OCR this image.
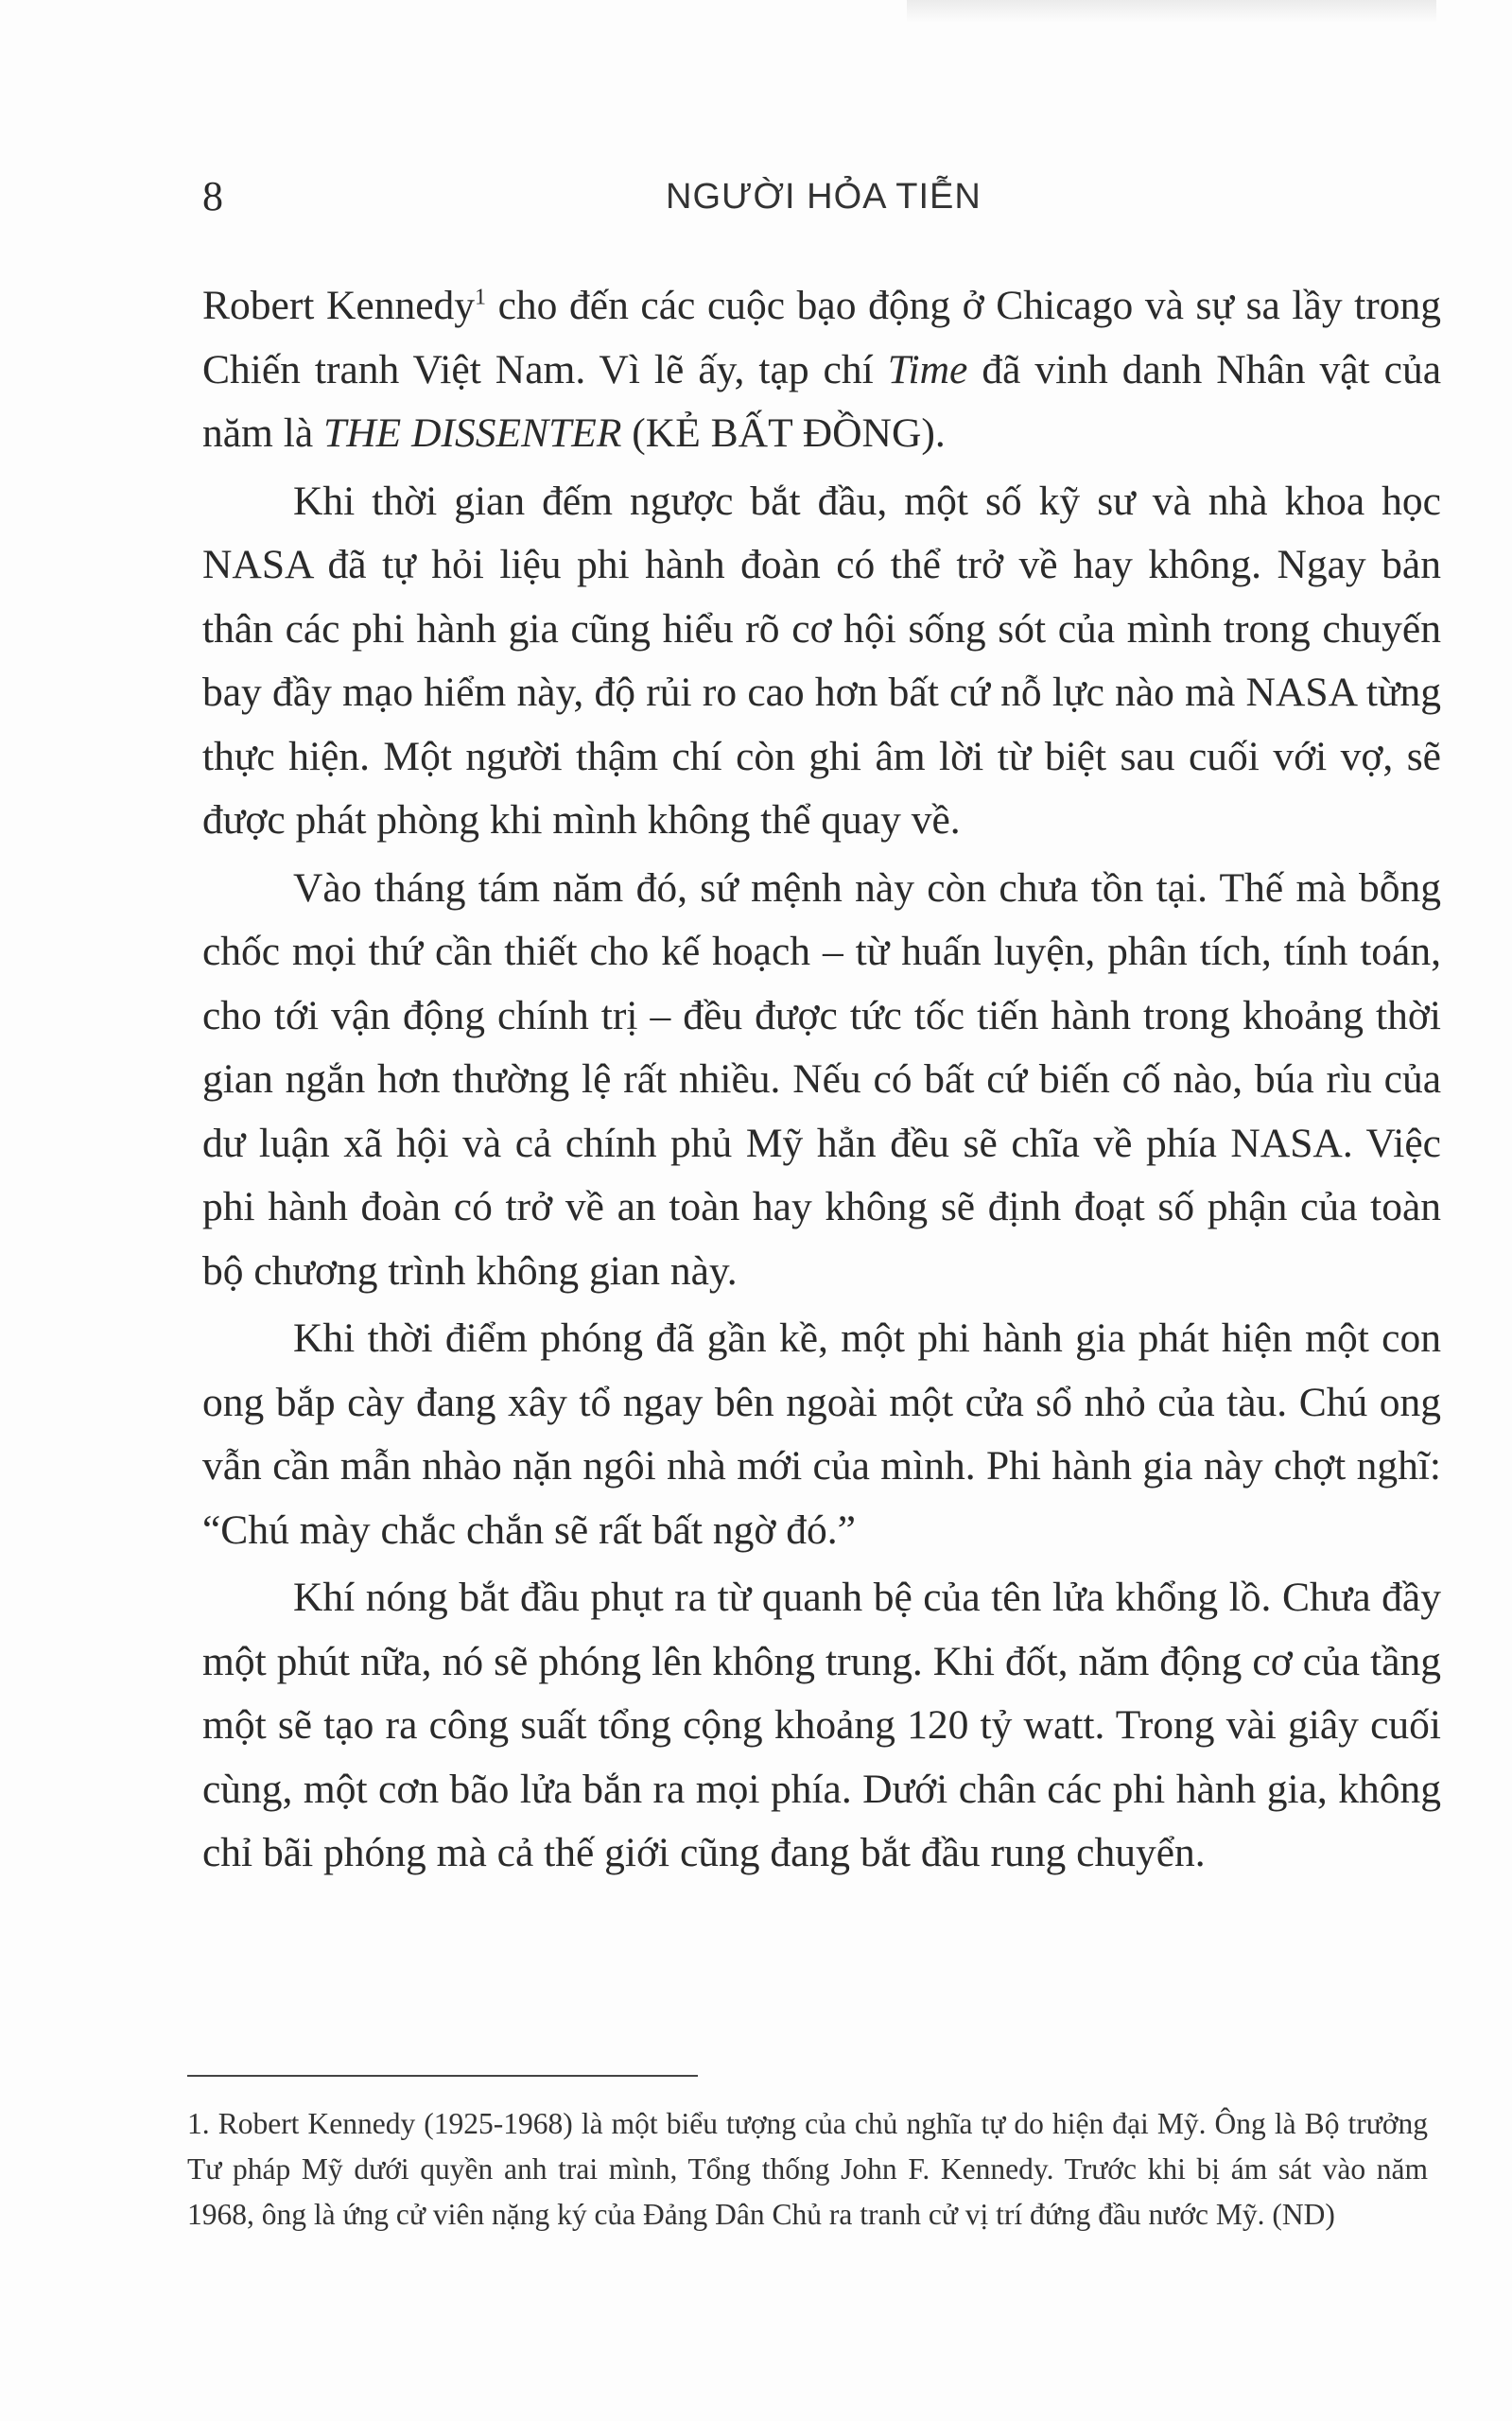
8	NGƯỜI HỎA TIỄN

Robert Kennedy$^1$ cho đến các cuộc bạo động ở Chicago và sự sa lầy trong Chiến tranh Việt Nam. Vì lẽ ấy, tạp chí Time đã vinh danh Nhân vật của năm là THE DISSENTER (KẺ BẤT ĐỒNG).

Khi thời gian đếm ngược bắt đầu, một số kỹ sư và nhà khoa học NASA đã tự hỏi liệu phi hành đoàn có thể trở về hay không. Ngay bản thân các phi hành gia cũng hiểu rõ cơ hội sống sót của mình trong chuyến bay đầy mạo hiểm này, độ rủi ro cao hơn bất cứ nỗ lực nào mà NASA từng thực hiện. Một người thậm chí còn ghi âm lời từ biệt sau cuối với vợ, sẽ được phát phòng khi mình không thể quay về.

Vào tháng tám năm đó, sứ mệnh này còn chưa tồn tại. Thế mà bỗng chốc mọi thứ cần thiết cho kế hoạch – từ huấn luyện, phân tích, tính toán, cho tới vận động chính trị – đều được tức tốc tiến hành trong khoảng thời gian ngắn hơn thường lệ rất nhiều. Nếu có bất cứ biến cố nào, búa rìu của dư luận xã hội và cả chính phủ Mỹ hẳn đều sẽ chĩa về phía NASA. Việc phi hành đoàn có trở về an toàn hay không sẽ định đoạt số phận của toàn bộ chương trình không gian này.

Khi thời điểm phóng đã gần kề, một phi hành gia phát hiện một con ong bắp cày đang xây tổ ngay bên ngoài một cửa sổ nhỏ của tàu. Chú ong vẫn cần mẫn nhào nặn ngôi nhà mới của mình. Phi hành gia này chợt nghĩ: “Chú mày chắc chắn sẽ rất bất ngờ đó.”

Khí nóng bắt đầu phụt ra từ quanh bệ của tên lửa khổng lồ. Chưa đầy một phút nữa, nó sẽ phóng lên không trung. Khi đốt, năm động cơ của tầng một sẽ tạo ra công suất tổng cộng khoảng 120 tỷ watt. Trong vài giây cuối cùng, một cơn bão lửa bắn ra mọi phía. Dưới chân các phi hành gia, không chỉ bãi phóng mà cả thế giới cũng đang bắt đầu rung chuyển.

1. Robert Kennedy (1925-1968) là một biểu tượng của chủ nghĩa tự do hiện đại Mỹ. Ông là Bộ trưởng Tư pháp Mỹ dưới quyền anh trai mình, Tổng thống John F. Kennedy. Trước khi bị ám sát vào năm 1968, ông là ứng cử viên nặng ký của Đảng Dân Chủ ra tranh cử vị trí đứng đầu nước Mỹ. (ND)
